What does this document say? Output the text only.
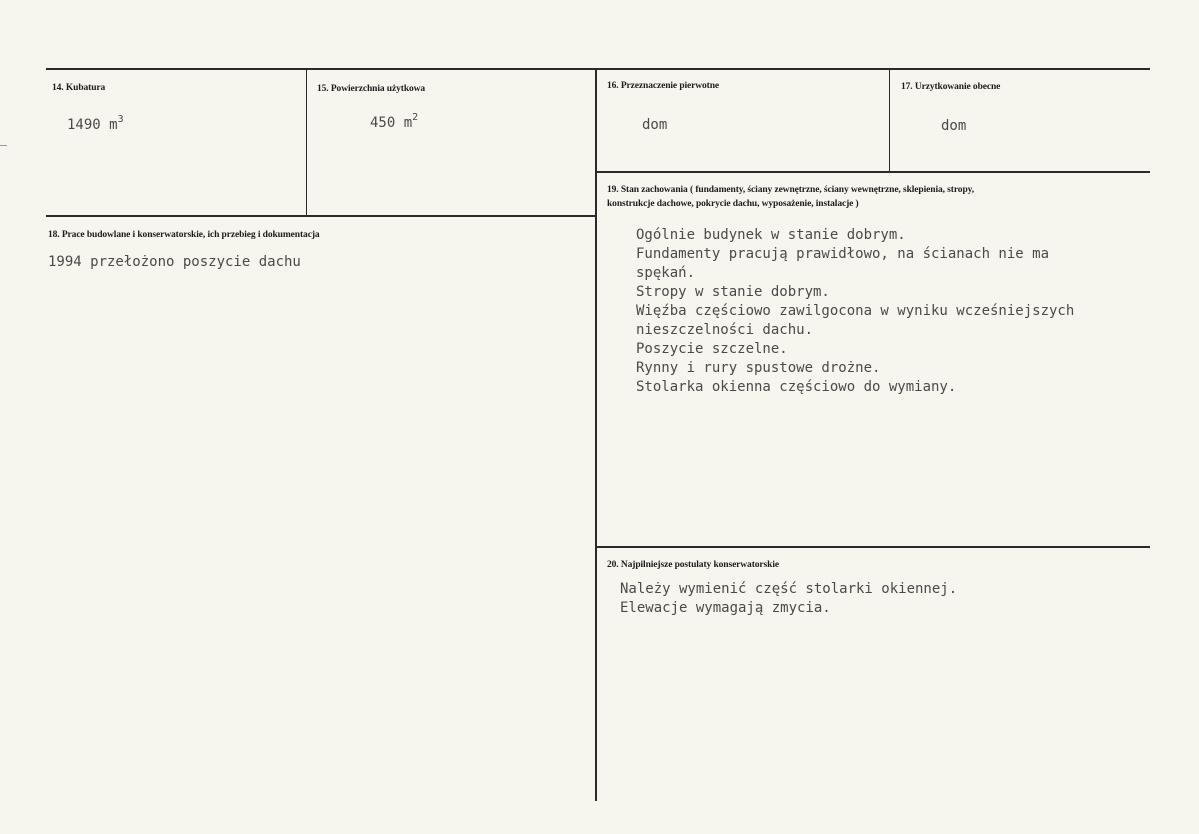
14. Kubatura
1490 $m^3$
15. Powierzchnia użytkowa
450 $m^2$
16. Przeznaczenie pierwotne
dom
17. Urzytkowanie obecne
dom
18. Prace budowlane i konserwatorskie, ich przebieg i dokumentacja
1994 przełożono poszycie dachu
19. Stan zachowania ( fundamenty, ściany zewnętrzne, ściany wewnętrzne, sklepienia, stropy,
konstrukcje dachowe, pokrycie dachu, wyposażenie, instalacje )
Ogólnie budynek w stanie dobrym.
Fundamenty pracują prawidłowo, na ścianach nie ma
spękań.
Stropy w stanie dobrym.
Więźba częściowo zawilgocona w wyniku wcześniejszych
nieszczelności dachu.
Poszycie szczelne.
Rynny i rury spustowe drożne.
Stolarka okienna częściowo do wymiany.
20. Najpilniejsze postulaty konserwatorskie
Należy wymienić część stolarki okiennej.
Elewacje wymagają zmycia.
